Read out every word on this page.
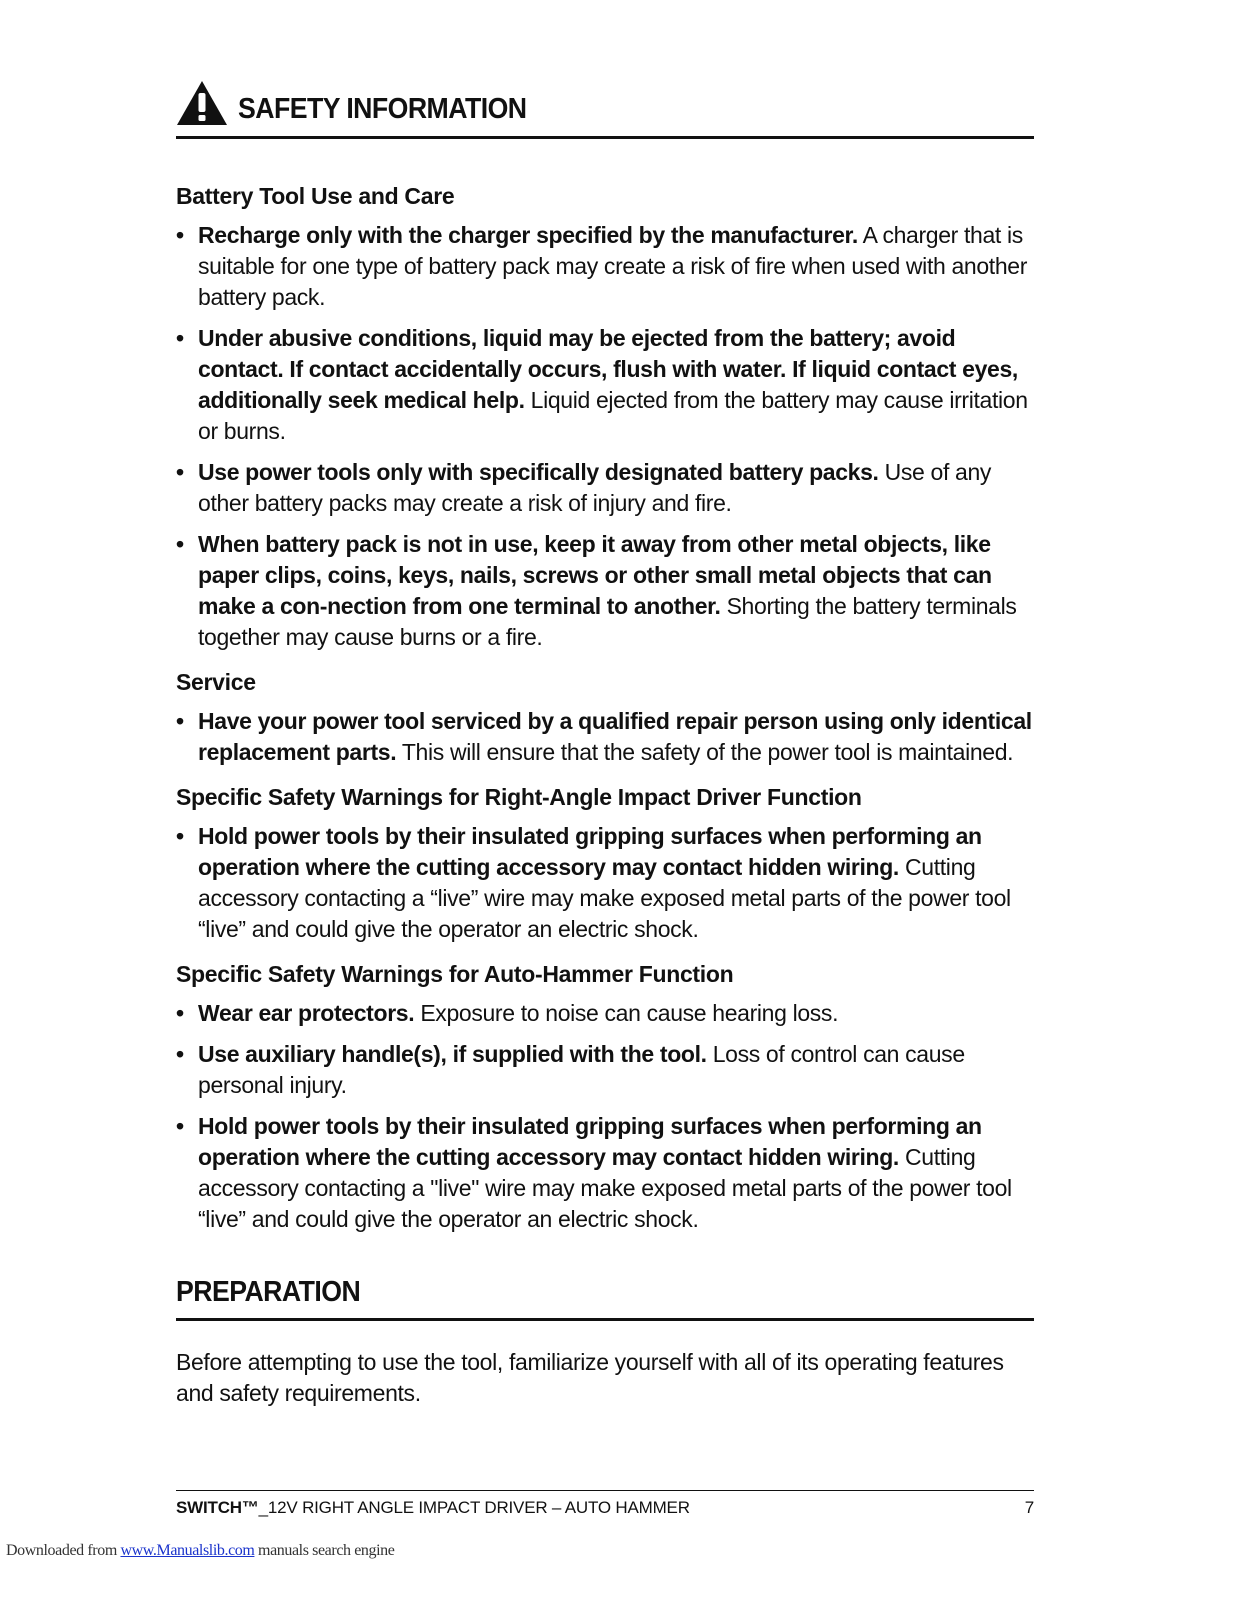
SAFETY INFORMATION
Battery Tool Use and Care
• Recharge only with the charger specified by the manufacturer. A charger that is suitable for one type of battery pack may create a risk of fire when used with another battery pack.
• Under abusive conditions, liquid may be ejected from the battery; avoid contact. If contact accidentally occurs, flush with water. If liquid contact eyes, additionally seek medical help. Liquid ejected from the battery may cause irritation or burns.
• Use power tools only with specifically designated battery packs. Use of any other battery packs may create a risk of injury and fire.
• When battery pack is not in use, keep it away from other metal objects, like paper clips, coins, keys, nails, screws or other small metal objects that can make a con-nection from one terminal to another. Shorting the battery terminals together may cause burns or a fire.
Service
• Have your power tool serviced by a qualified repair person using only identical replacement parts. This will ensure that the safety of the power tool is maintained.
Specific Safety Warnings for Right-Angle Impact Driver Function
• Hold power tools by their insulated gripping surfaces when performing an operation where the cutting accessory may contact hidden wiring. Cutting accessory contacting a “live” wire may make exposed metal parts of the power tool “live” and could give the operator an electric shock.
Specific Safety Warnings for Auto-Hammer Function
• Wear ear protectors. Exposure to noise can cause hearing loss.
• Use auxiliary handle(s), if supplied with the tool. Loss of control can cause personal injury.
• Hold power tools by their insulated gripping surfaces when performing an operation where the cutting accessory may contact hidden wiring. Cutting accessory contacting a "live" wire may make exposed metal parts of the power tool “live” and could give the operator an electric shock.
PREPARATION
Before attempting to use the tool, familiarize yourself with all of its operating features and safety requirements.
SWITCH™_12V RIGHT ANGLE IMPACT DRIVER – AUTO HAMMER	7
Downloaded from www.Manualslib.com manuals search engine
